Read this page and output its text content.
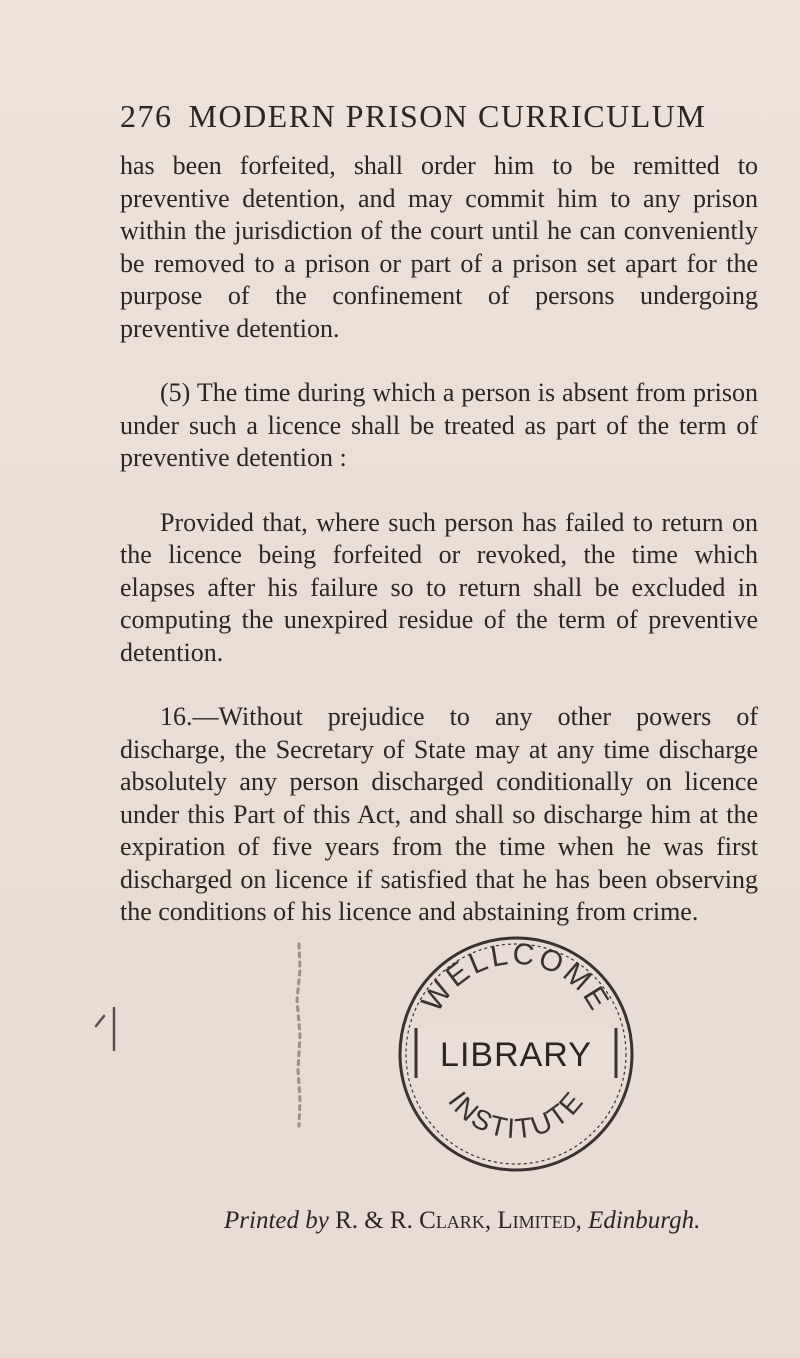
276 MODERN PRISON CURRICULUM

has been forfeited, shall order him to be remitted to preventive detention, and may commit him to any prison within the jurisdiction of the court until he can conveniently be removed to a prison or part of a prison set apart for the purpose of the confinement of persons undergoing preventive detention.

(5) The time during which a person is absent from prison under such a licence shall be treated as part of the term of preventive detention :

Provided that, where such person has failed to return on the licence being forfeited or revoked, the time which elapses after his failure so to return shall be excluded in computing the unexpired residue of the term of preventive detention.

16.—Without prejudice to any other powers of discharge, the Secretary of State may at any time discharge absolutely any person discharged conditionally on licence under this Part of this Act, and shall so discharge him at the expiration of five years from the time when he was first discharged on licence if satisfied that he has been observing the conditions of his licence and abstaining from crime.

WELLCOME
LIBRARY
INSTITUTE
Printed by R. & R. Clark, Limited, Edinburgh.
